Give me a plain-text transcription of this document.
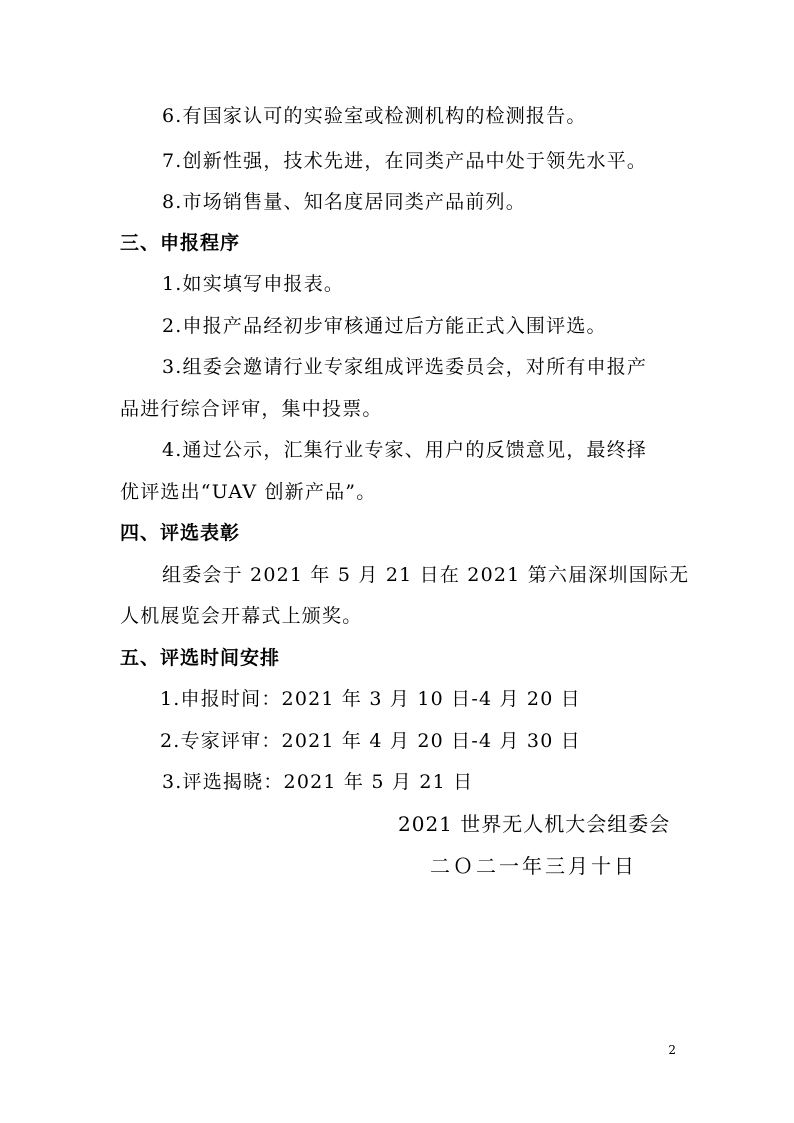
6.有国家认可的实验室或检测机构的检测报告。
7.创新性强，技术先进，在同类产品中处于领先水平。
8.市场销售量、知名度居同类产品前列。
三、申报程序
1.如实填写申报表。
2.申报产品经初步审核通过后方能正式入围评选。
3.组委会邀请行业专家组成评选委员会，对所有申报产
品进行综合评审，集中投票。
4.通过公示，汇集行业专家、用户的反馈意见，最终择
优评选出“UAV 创新产品”。
四、评选表彰
组委会于 2021 年 5 月 21 日在 2021 第六届深圳国际无
人机展览会开幕式上颁奖。
五、评选时间安排
1.申报时间：2021 年 3 月 10 日-4 月 20 日
2.专家评审：2021 年 4 月 20 日-4 月 30 日
3.评选揭晓：2021 年 5 月 21 日
2021 世界无人机大会组委会
二Ｏ二一年三月十日
2
